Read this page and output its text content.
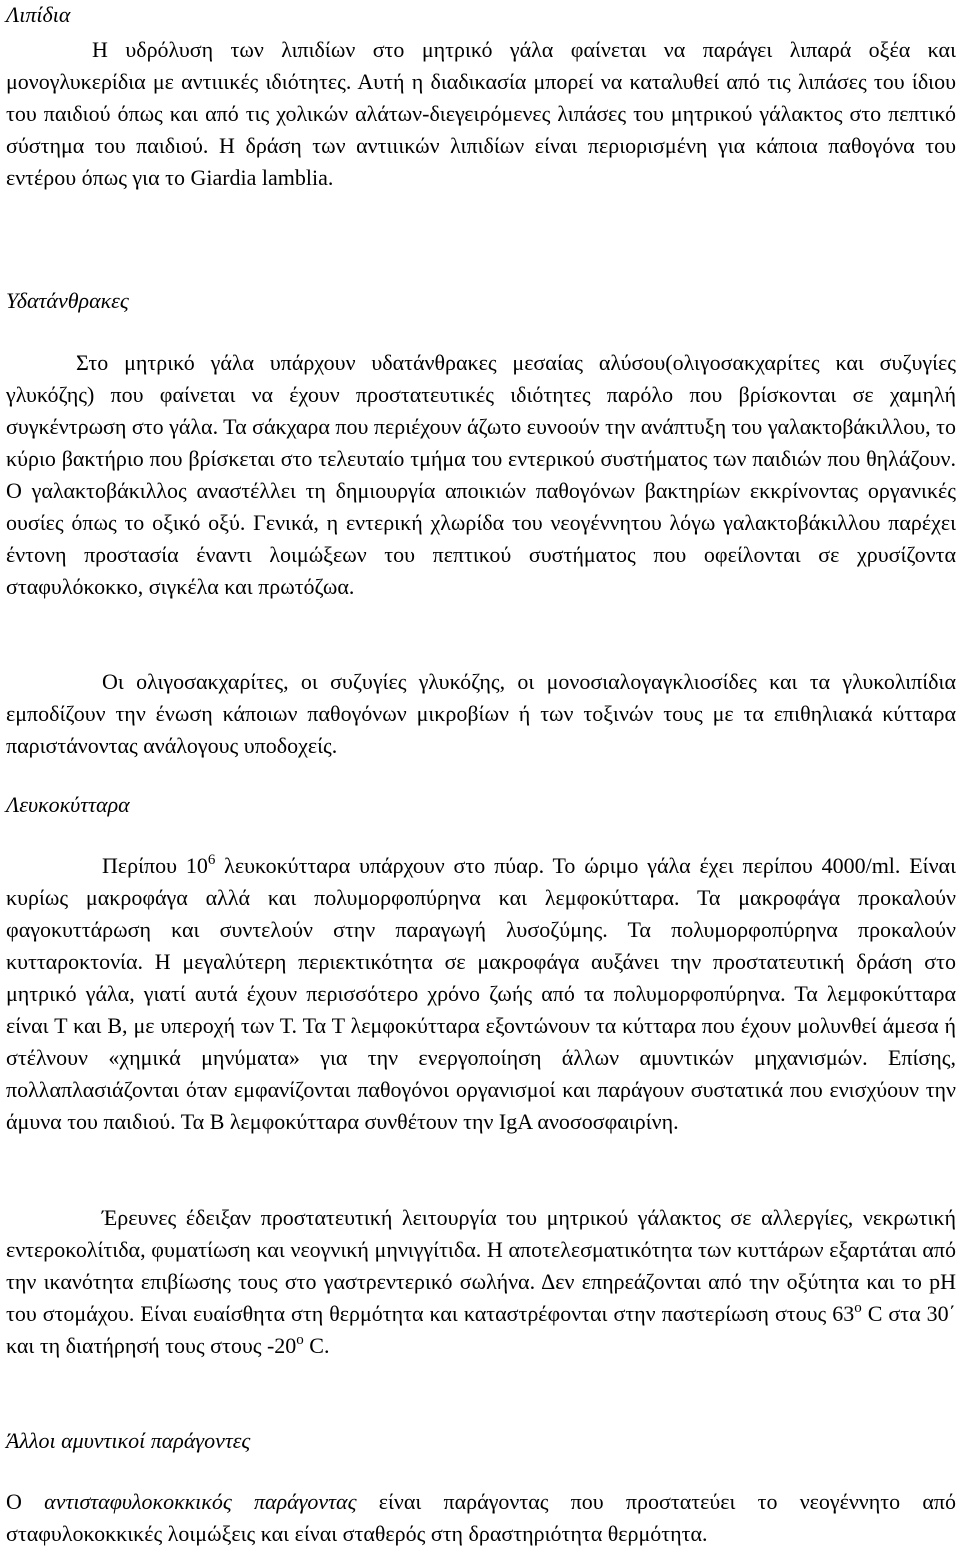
Λιπίδια

Η υδρόλυση των λιπιδίων στο μητρικό γάλα φαίνεται να παράγει λιπαρά οξέα και μονογλυκερίδια με αντιιικές ιδιότητες. Αυτή η διαδικασία μπορεί να καταλυθεί από τις λιπάσες του ίδιου του παιδιού όπως και από τις χολικών αλάτων-διεγειρόμενες λιπάσες του μητρικού γάλακτος στο πεπτικό σύστημα του παιδιού. Η δράση των αντιιικών λιπιδίων είναι περιορισμένη για κάποια παθογόνα του εντέρου όπως για το Giardia lamblia.

Υδατάνθρακες

Στο μητρικό γάλα υπάρχουν υδατάνθρακες μεσαίας αλύσου(ολιγοσακχαρίτες και συζυγίες γλυκόζης) που φαίνεται να έχουν προστατευτικές ιδιότητες παρόλο που βρίσκονται σε χαμηλή συγκέντρωση στο γάλα. Τα σάκχαρα που περιέχουν άζωτο ευνοούν την ανάπτυξη του γαλακτοβάκιλλου, το κύριο βακτήριο που βρίσκεται στο τελευταίο τμήμα του εντερικού συστήματος των παιδιών που θηλάζουν. Ο γαλακτοβάκιλλος αναστέλλει τη δημιουργία αποικιών παθογόνων βακτηρίων εκκρίνοντας οργανικές ουσίες όπως το οξικό οξύ. Γενικά, η εντερική χλωρίδα του νεογέννητου λόγω γαλακτοβάκιλλου παρέχει έντονη προστασία έναντι λοιμώξεων του πεπτικού συστήματος που οφείλονται σε χρυσίζοντα σταφυλόκοκκο, σιγκέλα και πρωτόζωα.

Οι ολιγοσακχαρίτες, οι συζυγίες γλυκόζης, οι μονοσιαλογαγκλιοσίδες και τα γλυκολιπίδια εμποδίζουν την ένωση κάποιων παθογόνων μικροβίων ή των τοξινών τους με τα επιθηλιακά κύτταρα παριστάνοντας ανάλογους υποδοχείς.

Λευκοκύτταρα

Περίπου $10^6$ λευκοκύτταρα υπάρχουν στο πύαρ. Το ώριμο γάλα έχει περίπου 4000/ml. Είναι κυρίως μακροφάγα αλλά και πολυμορφοπύρηνα και λεμφοκύτταρα. Τα μακροφάγα προκαλούν φαγοκυττάρωση και συντελούν στην παραγωγή λυσοζύμης. Τα πολυμορφοπύρηνα προκαλούν κυτταροκτονία. Η μεγαλύτερη περιεκτικότητα σε μακροφάγα αυξάνει την προστατευτική δράση στο μητρικό γάλα, γιατί αυτά έχουν περισσότερο χρόνο ζωής από τα πολυμορφοπύρηνα. Τα λεμφοκύτταρα είναι Τ και Β, με υπεροχή των Τ. Τα Τ λεμφοκύτταρα εξοντώνουν τα κύτταρα που έχουν μολυνθεί άμεσα ή στέλνουν «χημικά μηνύματα» για την ενεργοποίηση άλλων αμυντικών μηχανισμών. Επίσης, πολλαπλασιάζονται όταν εμφανίζονται παθογόνοι οργανισμοί και παράγουν συστατικά που ενισχύουν την άμυνα του παιδιού. Τα Β λεμφοκύτταρα συνθέτουν την IgA ανοσοσφαιρίνη.

Έρευνες έδειξαν προστατευτική λειτουργία του μητρικού γάλακτος σε αλλεργίες, νεκρωτική εντεροκολίτιδα, φυματίωση και νεογνική μηνιγγίτιδα. Η αποτελεσματικότητα των κυττάρων εξαρτάται από την ικανότητα επιβίωσης τους στο γαστρεντερικό σωλήνα. Δεν επηρεάζονται από την οξύτητα και το pH του στομάχου. Είναι ευαίσθητα στη θερμότητα και καταστρέφονται στην παστερίωση στους $63^o$ C στα 30΄ και τη διατήρησή τους στους $-20^o$ C.

Άλλοι αμυντικοί παράγοντες

Ο αντισταφυλοκοκκικός παράγοντας είναι παράγοντας που προστατεύει το νεογέννητο από σταφυλοκοκκικές λοιμώξεις και είναι σταθερός στη δραστηριότητα θερμότητα.
